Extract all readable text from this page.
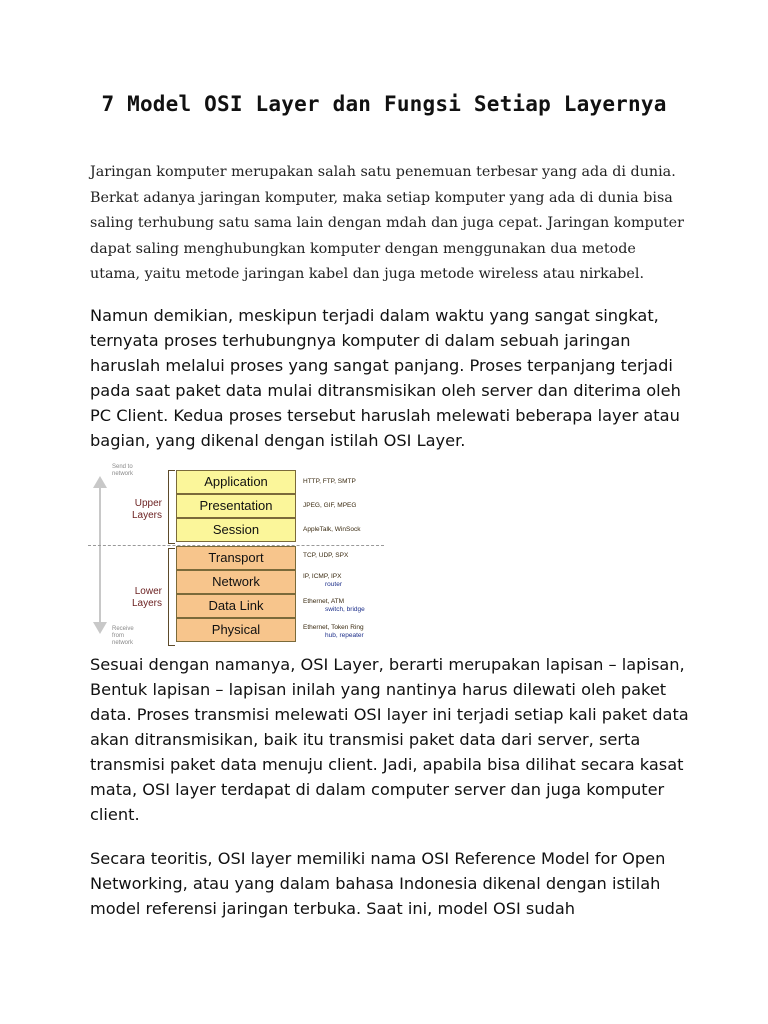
7 Model OSI Layer dan Fungsi Setiap Layernya

Jaringan komputer merupakan salah satu penemuan terbesar yang ada di dunia. Berkat adanya jaringan komputer, maka setiap komputer yang ada di dunia bisa saling terhubung satu sama lain dengan mdah dan juga cepat. Jaringan komputer dapat saling menghubungkan komputer dengan menggunakan dua metode utama, yaitu metode jaringan kabel dan juga metode wireless atau nirkabel.

Namun demikian, meskipun terjadi dalam waktu yang sangat singkat, ternyata proses terhubungnya komputer di dalam sebuah jaringan haruslah melalui proses yang sangat panjang. Proses terpanjang terjadi pada saat paket data mulai ditransmisikan oleh server dan diterima oleh PC Client. Kedua proses tersebut haruslah melewati beberapa layer atau bagian, yang dikenal dengan istilah OSI Layer.

Send to network
Receive from network
Upper Layers
Lower Layers
Application
Presentation
Session
Transport
Network
Data Link
Physical
HTTP, FTP, SMTP
JPEG, GIF, MPEG
AppleTalk, WinSock
TCP, UDP, SPX
IP, ICMP, IPX
router
Ethernet, ATM
switch, bridge
Ethernet, Token Ring
hub, repeater

Sesuai dengan namanya, OSI Layer, berarti merupakan lapisan – lapisan, Bentuk lapisan – lapisan inilah yang nantinya harus dilewati oleh paket data. Proses transmisi melewati OSI layer ini terjadi setiap kali paket data akan ditransmisikan, baik itu transmisi paket data dari server, serta transmisi paket data menuju client. Jadi, apabila bisa dilihat secara kasat mata, OSI layer terdapat di dalam computer server dan juga komputer client.

Secara teoritis, OSI layer memiliki nama OSI Reference Model for Open Networking, atau yang dalam bahasa Indonesia dikenal dengan istilah model referensi jaringan terbuka. Saat ini, model OSI sudah
